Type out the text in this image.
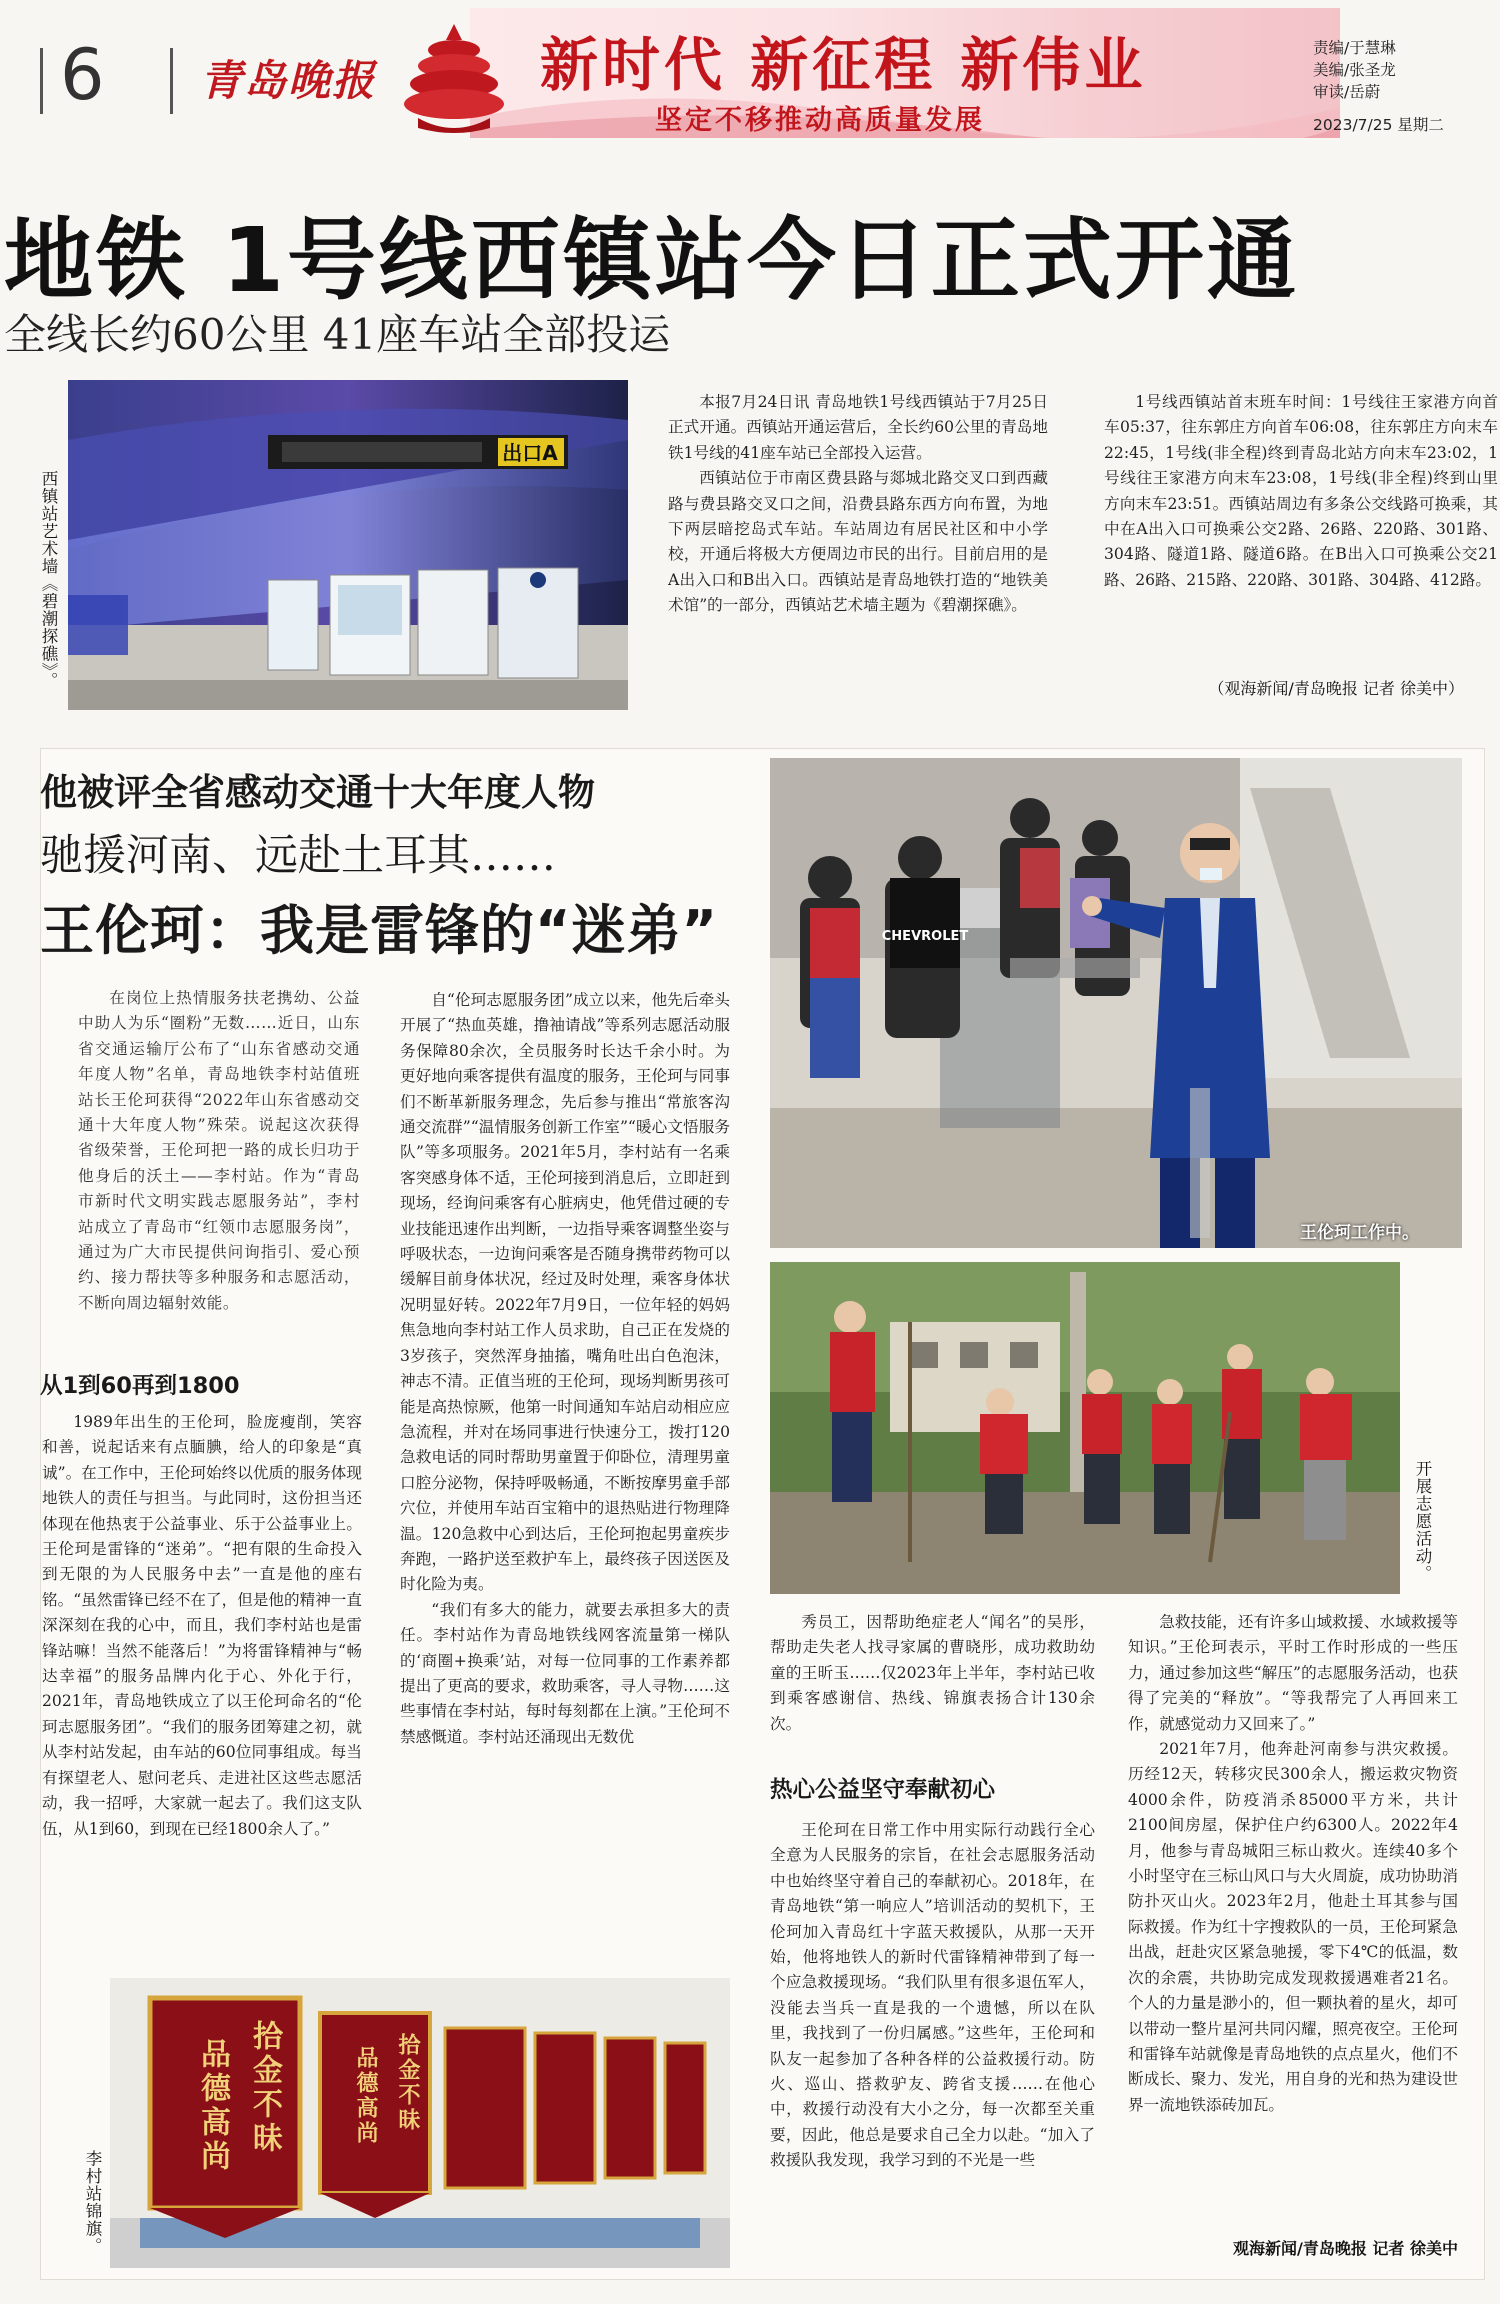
6 青岛晚报	新时代 新征程 新伟业
坚定不移推动高质量发展
责编/于慧琳
美编/张圣龙
审读/岳蔚
2023/7/25 星期二
地铁 1号线西镇站今日正式开通
全线长约60公里 41座车站全部投运
西镇站艺术墙《碧潮探礁》。
出口A

本报7月24日讯 青岛地铁1号线西镇站于7月25日正式开通。西镇站开通运营后，全长约60公里的青岛地铁1号线的41座车站已全部投入运营。

西镇站位于市南区费县路与郯城北路交叉口到西藏路与费县路交叉口之间，沿费县路东西方向布置，为地下两层暗挖岛式车站。车站周边有居民社区和中小学校，开通后将极大方便周边市民的出行。目前启用的是A出入口和B出入口。西镇站是青岛地铁打造的“地铁美术馆”的一部分，西镇站艺术墙主题为《碧潮探礁》。

1号线西镇站首末班车时间：1号线往王家港方向首车05:37，往东郭庄方向首车06:08，往东郭庄方向末车22:45，1号线(非全程)终到青岛北站方向末车23:02，1号线往王家港方向末车23:08，1号线(非全程)终到山里方向末车23:51。西镇站周边有多条公交线路可换乘，其中在A出入口可换乘公交2路、26路、220路、301路、304路、隧道1路、隧道6路。在B出入口可换乘公交21路、26路、215路、220路、301路、304路、412路。

（观海新闻/青岛晚报 记者 徐美中）
他被评全省感动交通十大年度人物
驰援河南、远赴土耳其……
CHEVROLET
王伦珂工作中。
王伦珂：我是雷锋的“迷弟”

在岗位上热情服务扶老携幼、公益中助人为乐“圈粉”无数……近日，山东省交通运输厅公布了“山东省感动交通年度人物”名单，青岛地铁李村站值班站长王伦珂获得“2022年山东省感动交通十大年度人物”殊荣。说起这次获得省级荣誉，王伦珂把一路的成长归功于他身后的沃土——李村站。作为“青岛市新时代文明实践志愿服务站”，李村站成立了青岛市“红领巾志愿服务岗”，通过为广大市民提供问询指引、爱心预约、接力帮扶等多种服务和志愿活动，不断向周边辐射效能。

从1到60再到1800

1989年出生的王伦珂，脸庞瘦削，笑容和善，说起话来有点腼腆，给人的印象是“真诚”。在工作中，王伦珂始终以优质的服务体现地铁人的责任与担当。与此同时，这份担当还体现在他热衷于公益事业、乐于公益事业上。王伦珂是雷锋的“迷弟”。“把有限的生命投入到无限的为人民服务中去”一直是他的座右铭。“虽然雷锋已经不在了，但是他的精神一直深深刻在我的心中，而且，我们李村站也是雷锋站嘛！当然不能落后！”为将雷锋精神与“畅达幸福”的服务品牌内化于心、外化于行，2021年，青岛地铁成立了以王伦珂命名的“伦珂志愿服务团”。“我们的服务团筹建之初，就从李村站发起，由车站的60位同事组成。每当有探望老人、慰问老兵、走进社区这些志愿活动，我一招呼，大家就一起去了。我们这支队伍，从1到60，到现在已经1800余人了。”

自“伦珂志愿服务团”成立以来，他先后牵头开展了“热血英雄，撸袖请战”等系列志愿活动服务保障80余次，全员服务时长达千余小时。为更好地向乘客提供有温度的服务，王伦珂与同事们不断革新服务理念，先后参与推出“常旅客沟通交流群”“温情服务创新工作室”“暖心文悟服务队”等多项服务。2021年5月，李村站有一名乘客突感身体不适，王伦珂接到消息后，立即赶到现场，经询问乘客有心脏病史，他凭借过硬的专业技能迅速作出判断，一边指导乘客调整坐姿与呼吸状态，一边询问乘客是否随身携带药物可以缓解目前身体状况，经过及时处理，乘客身体状况明显好转。2022年7月9日，一位年轻的妈妈焦急地向李村站工作人员求助，自己正在发烧的3岁孩子，突然浑身抽搐，嘴角吐出白色泡沫，神志不清。正值当班的王伦珂，现场判断男孩可能是高热惊厥，他第一时间通知车站启动相应应急流程，并对在场同事进行快速分工，拨打120急救电话的同时帮助男童置于仰卧位，清理男童口腔分泌物，保持呼吸畅通，不断按摩男童手部穴位，并使用车站百宝箱中的退热贴进行物理降温。120急救中心到达后，王伦珂抱起男童疾步奔跑，一路护送至救护车上，最终孩子因送医及时化险为夷。

“我们有多大的能力，就要去承担多大的责任。李村站作为青岛地铁线网客流量第一梯队的‘商圈+换乘’站，对每一位同事的工作素养都提出了更高的要求，救助乘客，寻人寻物……这些事情在李村站，每时每刻都在上演。”王伦珂不禁感慨道。李村站还涌现出无数优

开展志愿活动。

秀员工，因帮助绝症老人“闻名”的吴彤，帮助走失老人找寻家属的曹晓彤，成功救助幼童的王昕玉……仅2023年上半年，李村站已收到乘客感谢信、热线、锦旗表扬合计130余次。

热心公益坚守奉献初心

王伦珂在日常工作中用实际行动践行全心全意为人民服务的宗旨，在社会志愿服务活动中也始终坚守着自己的奉献初心。2018年，在青岛地铁“第一响应人”培训活动的契机下，王伦珂加入青岛红十字蓝天救援队，从那一天开始，他将地铁人的新时代雷锋精神带到了每一个应急救援现场。“我们队里有很多退伍军人，没能去当兵一直是我的一个遗憾，所以在队里，我找到了一份归属感。”这些年，王伦珂和队友一起参加了各种各样的公益救援行动。防火、巡山、搭救驴友、跨省支援……在他心中，救援行动没有大小之分，每一次都至关重要，因此，他总是要求自己全力以赴。“加入了救援队我发现，我学习到的不光是一些

急救技能，还有许多山域救援、水域救援等知识。”王伦珂表示，平时工作时形成的一些压力，通过参加这些“解压”的志愿服务活动，也获得了完美的“释放”。“等我帮完了人再回来工作，就感觉动力又回来了。”

2021年7月，他奔赴河南参与洪灾救援。历经12天，转移灾民300余人，搬运救灾物资4000余件，防疫消杀85000平方米，共计2100间房屋，保护住户约6300人。2022年4月，他参与青岛城阳三标山救火。连续40多个小时坚守在三标山风口与大火周旋，成功协助消防扑灭山火。2023年2月，他赴土耳其参与国际救援。作为红十字搜救队的一员，王伦珂紧急出战，赶赴灾区紧急驰援，零下4℃的低温，数次的余震，共协助完成发现救援遇难者21名。个人的力量是渺小的，但一颗执着的星火，却可以带动一整片星河共同闪耀，照亮夜空。王伦珂和雷锋车站就像是青岛地铁的点点星火，他们不断成长、聚力、发光，用自身的光和热为建设世界一流地铁添砖加瓦。

观海新闻/青岛晚报 记者 徐美中
拾金不昧
品德高尚	拾金不昧
品德高尚
李村站锦旗。
